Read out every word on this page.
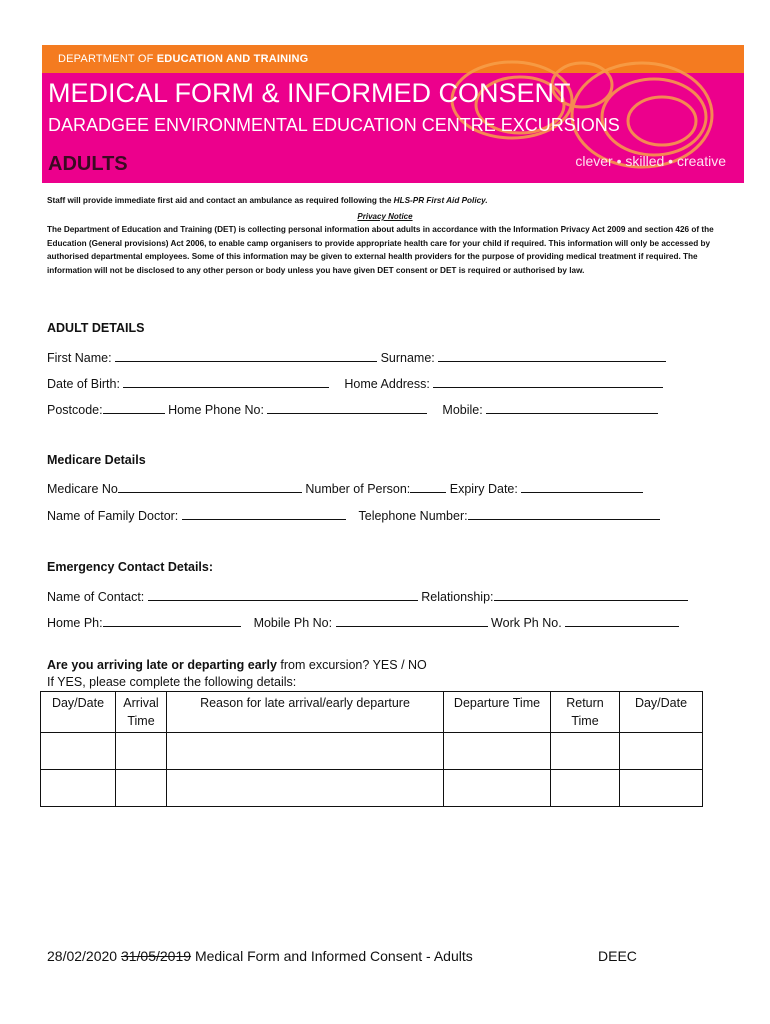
DEPARTMENT OF EDUCATION AND TRAINING
MEDICAL FORM & INFORMED CONSENT
DARADGEE ENVIRONMENTAL EDUCATION CENTRE EXCURSIONS
ADULTS	clever • skilled • creative
Staff will provide immediate first aid and contact an ambulance as required following the HLS-PR First Aid Policy.
Privacy Notice
The Department of Education and Training (DET) is collecting personal information about adults in accordance with the Information Privacy Act 2009 and section 426 of the Education (General provisions) Act 2006, to enable camp organisers to provide appropriate health care for your child if required. This information will only be accessed by authorised departmental employees. Some of this information may be given to external health providers for the purpose of providing medical treatment if required. The information will not be disclosed to any other person or body unless you have given DET consent or DET is required or authorised by law.
ADULT DETAILS
First Name:	Surname:
Date of Birth:	Home Address:
Postcode:	Home Phone No:	Mobile:
Medicare Details
Medicare No	Number of Person:	Expiry Date:
Name of Family Doctor:	Telephone Number:
Emergency Contact Details:
Name of Contact:	Relationship:
Home Ph:	Mobile Ph No:	Work Ph No.
Are you arriving late or departing early from excursion? YES / NO
If YES, please complete the following details:
Day/Date	Arrival Time	Reason for late arrival/early departure	Departure Time	Return Time	Day/Date

28/02/2020 31/05/2019 Medical Form and Informed Consent - Adults	DEEC
